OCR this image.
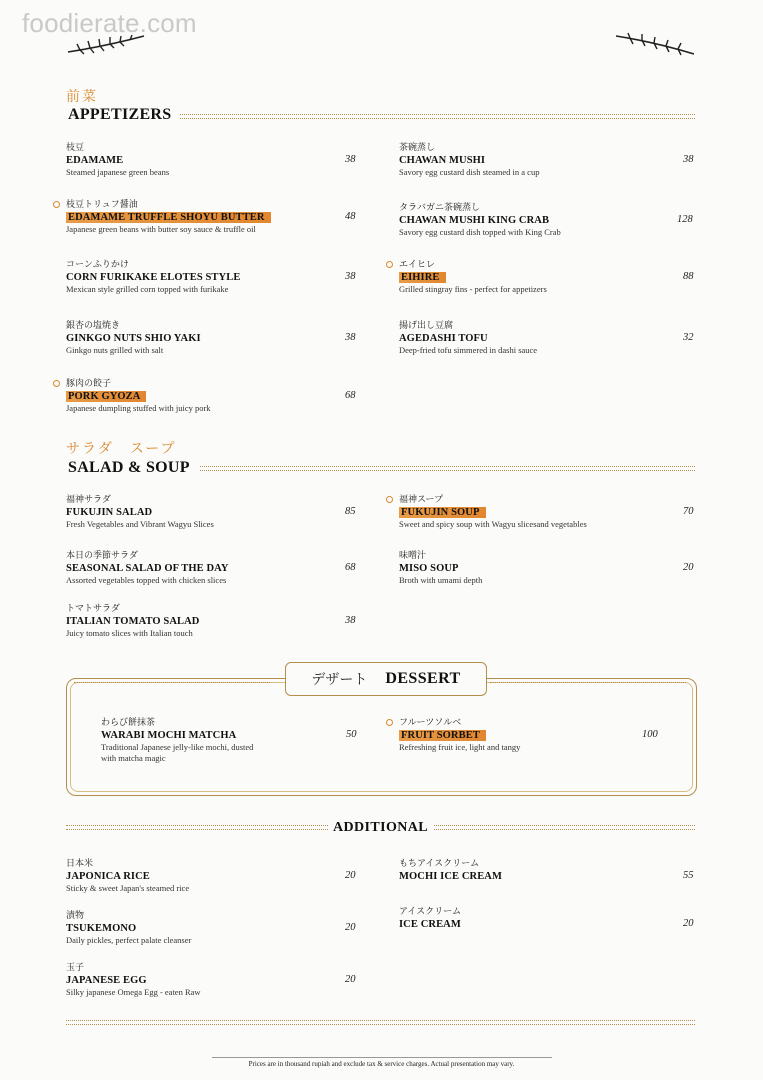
foodierate.com
前菜
APPETIZERS
枝豆
EDAMAME
Steamed japanese green beans
38
枝豆トリュフ醤油
EDAMAME TRUFFLE SHOYU BUTTER
Japanese green beans with butter soy sauce & truffle oil
48
コーンふりかけ
CORN FURIKAKE ELOTES STYLE
Mexican style grilled corn topped with furikake
38
銀杏の塩焼き
GINKGO NUTS SHIO YAKI
Ginkgo nuts grilled with salt
38
豚肉の餃子
PORK GYOZA
Japanese dumpling stuffed with juicy pork
68
茶碗蒸し
CHAWAN MUSHI
Savory egg custard dish steamed in a cup
38
タラバガニ茶碗蒸し
CHAWAN MUSHI KING CRAB
Savory egg custard dish topped with King Crab
128
エイヒレ
EIHIRE
Grilled stingray fins - perfect for appetizers
88
揚げ出し豆腐
AGEDASHI TOFU
Deep-fried tofu simmered in dashi sauce
32
サラダ　スープ
SALAD & SOUP
福神サラダ
FUKUJIN SALAD
Fresh Vegetables and Vibrant Wagyu Slices
85
本日の季節サラダ
SEASONAL SALAD OF THE DAY
Assorted vegetables topped with chicken slices
68
トマトサラダ
ITALIAN TOMATO SALAD
Juicy tomato slices with Italian touch
38
福神スープ
FUKUJIN SOUP
Sweet and spicy soup with Wagyu slicesand vegetables
70
味噌汁
MISO SOUP
Broth with umami depth
20
デザート DESSERT
わらび餅抹茶
WARABI MOCHI MATCHA
Traditional Japanese jelly-like mochi, dusted with matcha magic
50
フルーツソルベ
FRUIT SORBET
Refreshing fruit ice, light and tangy
100
ADDITIONAL
日本米
JAPONICA RICE
Sticky & sweet Japan's steamed rice
20
漬物
TSUKEMONO
Daily pickles, perfect palate cleanser
20
玉子
JAPANESE EGG
Silky japanese Omega Egg - eaten Raw
20
もちアイスクリーム
MOCHI ICE CREAM	55
アイスクリーム
ICE CREAM	20
Prices are in thousand rupiah and exclude tax & service charges. Actual presentation may vary.
